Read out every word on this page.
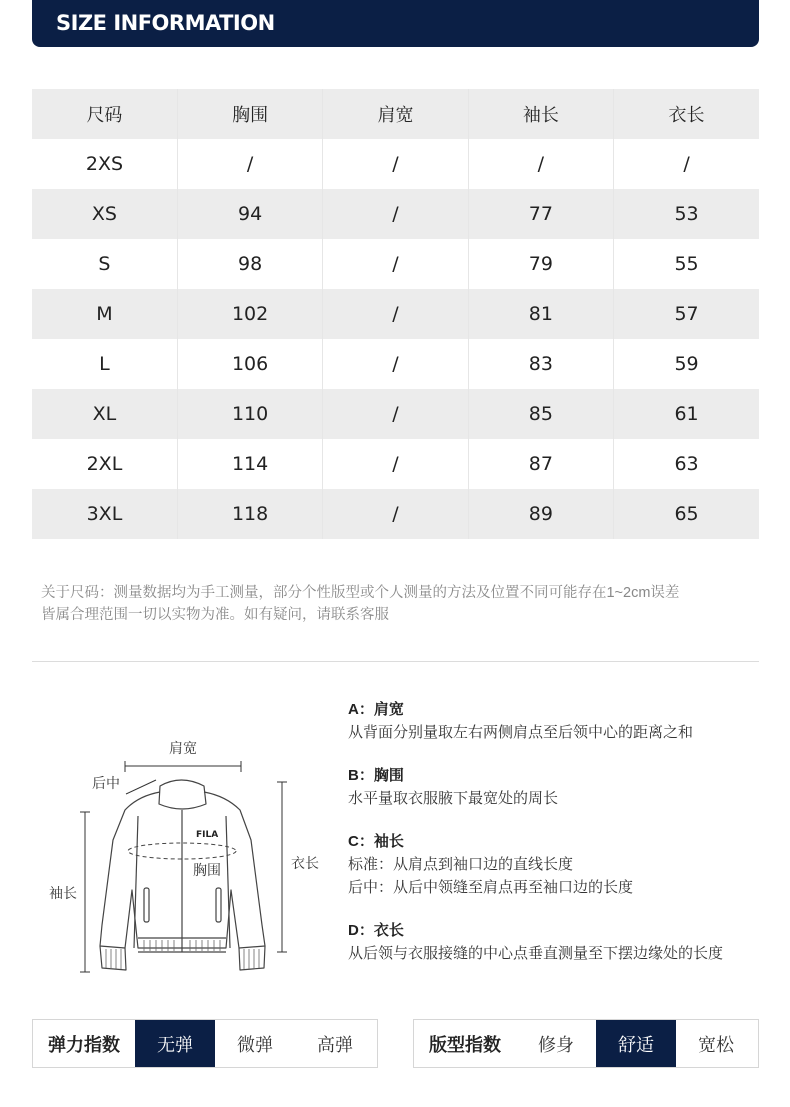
SIZE INFORMATION
尺码	胸围	肩宽	袖长	衣长
2XS	/	/	/	/
XS	94	/	77	53
S	98	/	79	55
M	102	/	81	57
L	106	/	83	59
XL	110	/	85	61
2XL	114	/	87	63
3XL	118	/	89	65
关于尺码：测量数据均为手工测量，部分个性版型或个人测量的方法及位置不同可能存在1~2cm误差
皆属合理范围一切以实物为准。如有疑问，请联系客服
肩宽
后中
胸围
袖长
衣长
FILA
A：肩宽
从背面分别量取左右两侧肩点至后领中心的距离之和
B：胸围
水平量取衣服腋下最宽处的周长
C：袖长
标准：从肩点到袖口边的直线长度
后中：从后中领缝至肩点再至袖口边的长度
D：衣长
从后领与衣服接缝的中心点垂直测量至下摆边缘处的长度
弹力指数	无弹	微弹	高弹	版型指数	修身	舒适	宽松
